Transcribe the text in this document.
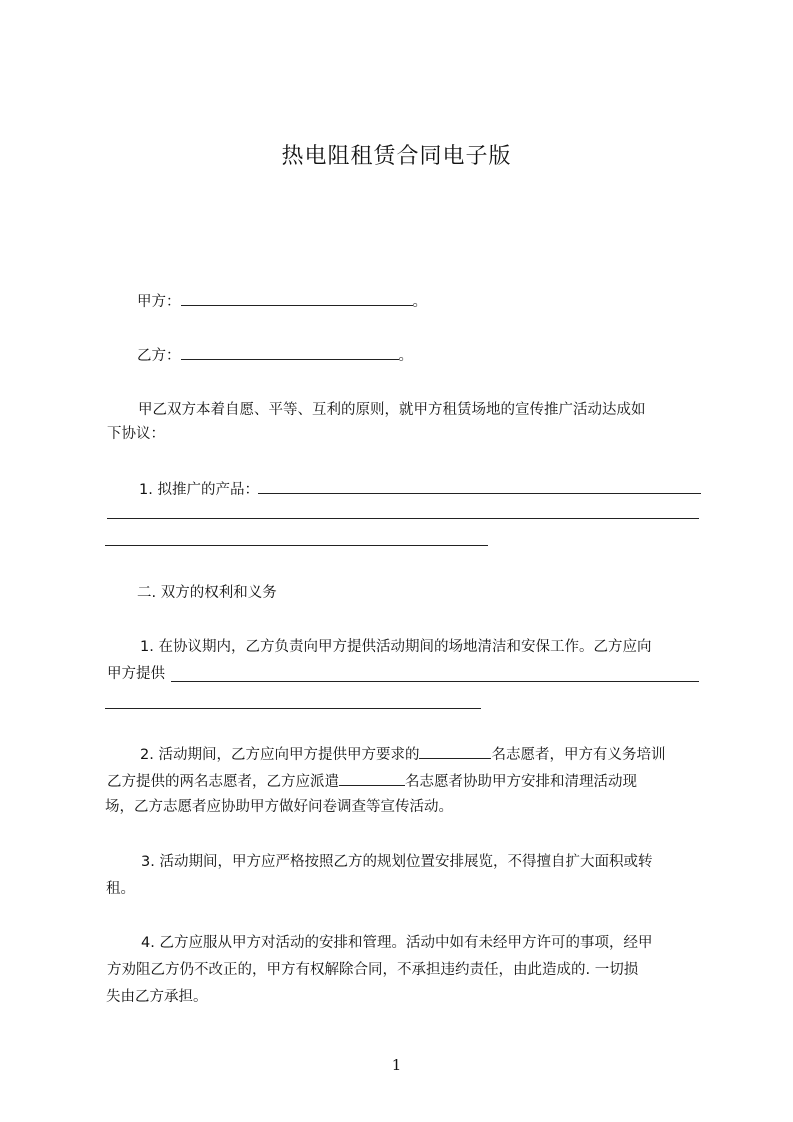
热电阻租赁合同电子版
甲方：	。
乙方：	。
甲乙双方本着自愿、平等、互利的原则，就甲方租赁场地的宣传推广活动达成如
下协议：
1. 拟推广的产品：
二. 双方的权利和义务
1. 在协议期内，乙方负责向甲方提供活动期间的场地清洁和安保工作。乙方应向
甲方提供
2. 活动期间，乙方应向甲方提供甲方要求的	名志愿者，甲方有义务培训
乙方提供的两名志愿者，乙方应派遣	名志愿者协助甲方安排和清理活动现
场，乙方志愿者应协助甲方做好问卷调查等宣传活动。
3. 活动期间，甲方应严格按照乙方的规划位置安排展览，不得擅自扩大面积或转
租。
4. 乙方应服从甲方对活动的安排和管理。活动中如有未经甲方许可的事项，经甲
方劝阻乙方仍不改正的，甲方有权解除合同，不承担违约责任，由此造成的. 一切损
失由乙方承担。
1
